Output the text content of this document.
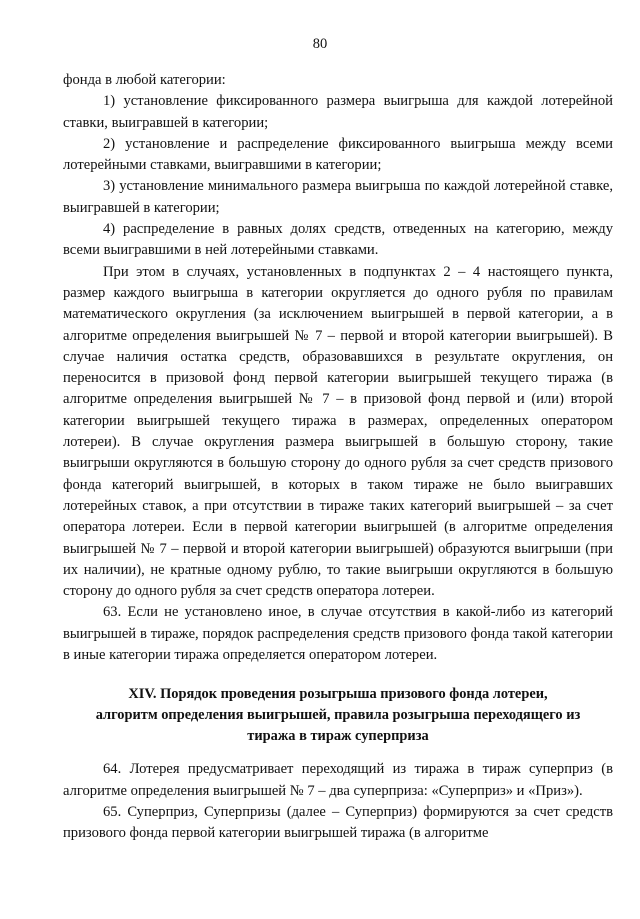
80

фонда в любой категории:

1) установление фиксированного размера выигрыша для каждой лотерейной ставки, выигравшей в категории;

2) установление и распределение фиксированного выигрыша между всеми лотерейными ставками, выигравшими в категории;

3) установление минимального размера выигрыша по каждой лотерейной ставке, выигравшей в категории;

4) распределение в равных долях средств, отведенных на категорию, между всеми выигравшими в ней лотерейными ставками.

При этом в случаях, установленных в подпунктах 2 – 4 настоящего пункта, размер каждого выигрыша в категории округляется до одного рубля по правилам математического округления (за исключением выигрышей в первой категории, а в алгоритме определения выигрышей № 7 – первой и второй категории выигрышей). В случае наличия остатка средств, образовавшихся в результате округления, он переносится в призовой фонд первой категории выигрышей текущего тиража (в алгоритме определения выигрышей № 7 – в призовой фонд первой и (или) второй категории выигрышей текущего тиража в размерах, определенных оператором лотереи). В случае округления размера выигрышей в большую сторону, такие выигрыши округляются в большую сторону до одного рубля за счет средств призового фонда категорий выигрышей, в которых в таком тираже не было выигравших лотерейных ставок, а при отсутствии в тираже таких категорий выигрышей – за счет оператора лотереи. Если в первой категории выигрышей (в алгоритме определения выигрышей № 7 – первой и второй категории выигрышей) образуются выигрыши (при их наличии), не кратные одному рублю, то такие выигрыши округляются в большую сторону до одного рубля за счет средств оператора лотереи.

63. Если не установлено иное, в случае отсутствия в какой-либо из категорий выигрышей в тираже, порядок распределения средств призового фонда такой категории в иные категории тиража определяется оператором лотереи.

XIV. Порядок проведения розыгрыша призового фонда лотереи,
алгоритм определения выигрышей, правила розыгрыша переходящего из
тиража в тираж суперприза

64. Лотерея предусматривает переходящий из тиража в тираж суперприз (в алгоритме определения выигрышей № 7 – два суперприза: «Суперприз» и «Приз»).

65. Суперприз, Суперпризы (далее – Суперприз) формируются за счет средств призового фонда первой категории выигрышей тиража (в алгоритме
